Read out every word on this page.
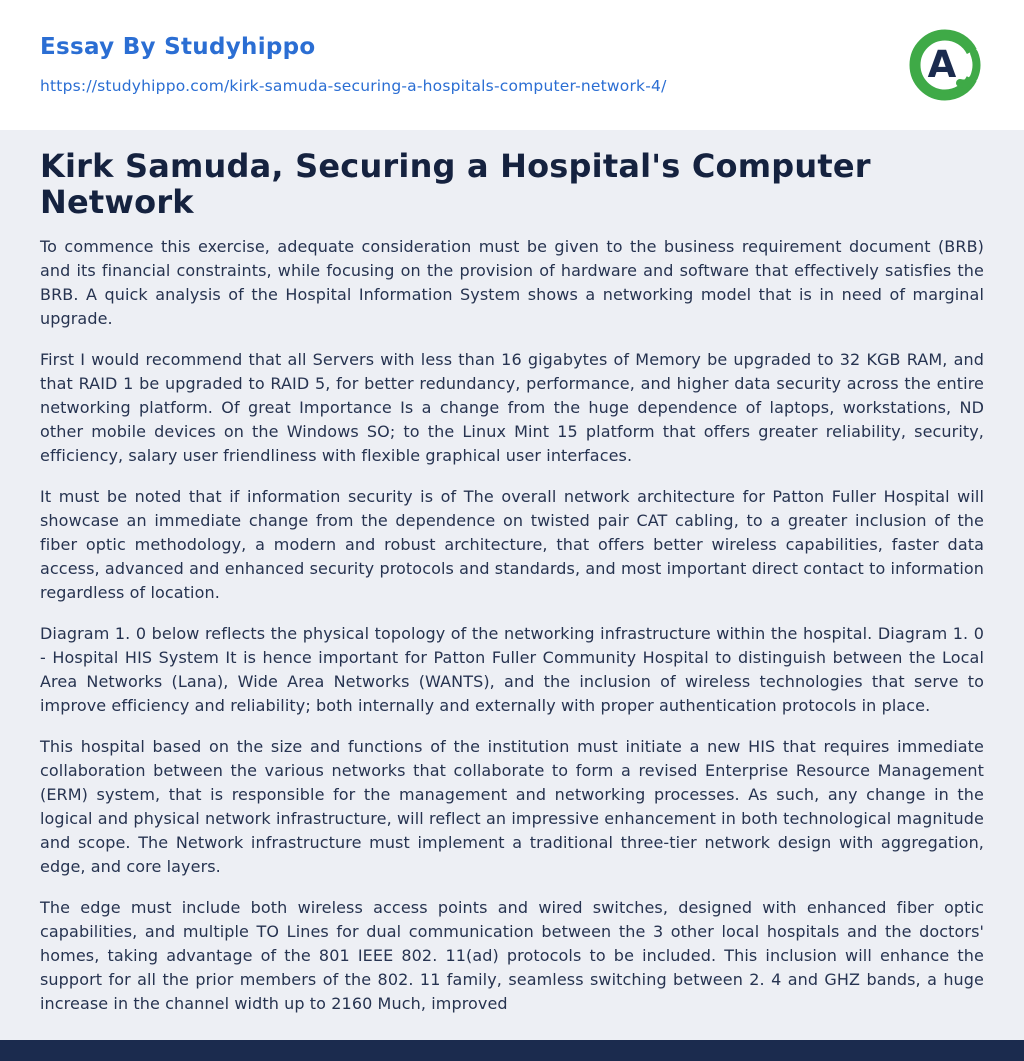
Essay By Studyhippo
https://studyhippo.com/kirk-samuda-securing-a-hospitals-computer-network-4/	A
Kirk Samuda, Securing a Hospital's Computer Network

To commence this exercise, adequate consideration must be given to the business requirement document (BRB) and its financial constraints, while focusing on the provision of hardware and software that effectively satisfies the BRB. A quick analysis of the Hospital Information System shows a networking model that is in need of marginal upgrade.

First I would recommend that all Servers with less than 16 gigabytes of Memory be upgraded to 32 KGB RAM, and that RAID 1 be upgraded to RAID 5, for better redundancy, performance, and higher data security across the entire networking platform. Of great Importance Is a change from the huge dependence of laptops, workstations, ND other mobile devices on the Windows SO; to the Linux Mint 15 platform that offers greater reliability, security, efficiency, salary user friendliness with flexible graphical user interfaces.

It must be noted that if information security is of The overall network architecture for Patton Fuller Hospital will showcase an immediate change from the dependence on twisted pair CAT cabling, to a greater inclusion of the fiber optic methodology, a modern and robust architecture, that offers better wireless capabilities, faster data access, advanced and enhanced security protocols and standards, and most important direct contact to information regardless of location.

Diagram 1. 0 below reflects the physical topology of the networking infrastructure within the hospital. Diagram 1. 0 - Hospital HIS System It is hence important for Patton Fuller Community Hospital to distinguish between the Local Area Networks (Lana), Wide Area Networks (WANTS), and the inclusion of wireless technologies that serve to improve efficiency and reliability; both internally and externally with proper authentication protocols in place.

This hospital based on the size and functions of the institution must initiate a new HIS that requires immediate collaboration between the various networks that collaborate to form a revised Enterprise Resource Management (ERM) system, that is responsible for the management and networking processes. As such, any change in the logical and physical network infrastructure, will reflect an impressive enhancement in both technological magnitude and scope. The Network infrastructure must implement a traditional three-tier network design with aggregation, edge, and core layers.

The edge must include both wireless access points and wired switches, designed with enhanced fiber optic capabilities, and multiple TO Lines for dual communication between the 3 other local hospitals and the doctors' homes, taking advantage of the 801 IEEE 802. 11(ad) protocols to be included. This inclusion will enhance the support for all the prior members of the 802. 11 family, seamless switching between 2. 4 and GHZ bands, a huge increase in the channel width up to 2160 Much, improved
